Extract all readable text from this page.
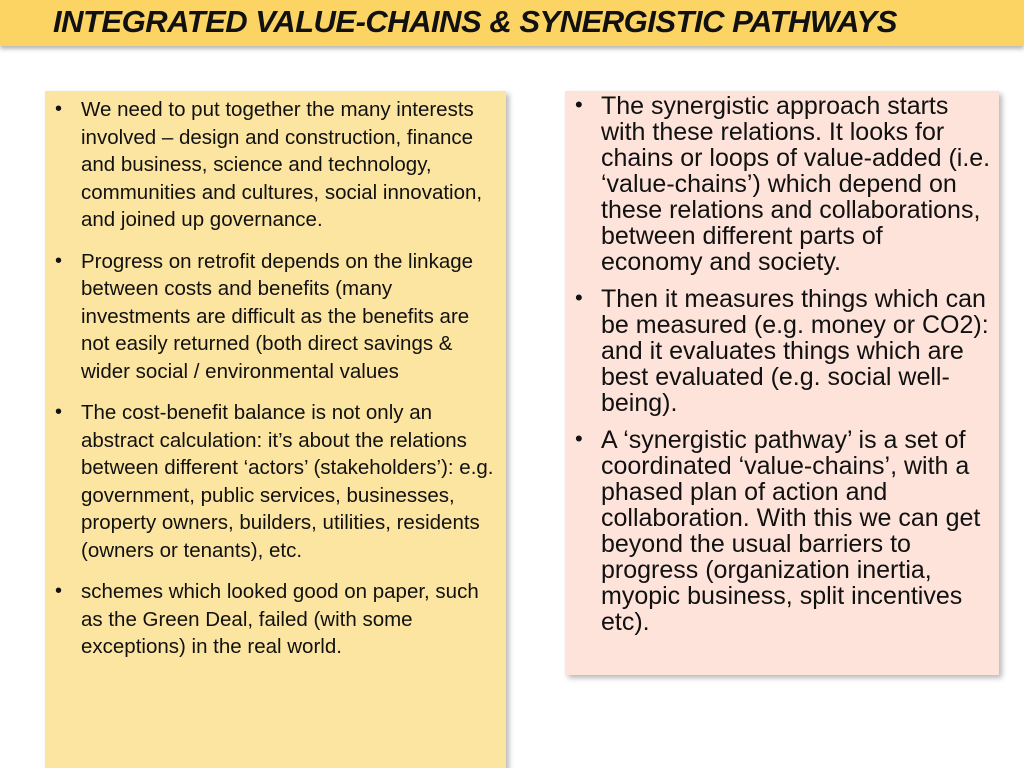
INTEGRATED VALUE-CHAINS & SYNERGISTIC PATHWAYS
• We need to put together the many interests involved – design and construction, finance and business, science and technology, communities and cultures, social innovation, and joined up governance.
• Progress on retrofit depends on the linkage between costs and benefits (many investments are difficult as the benefits are not easily returned (both direct savings & wider social / environmental values
• The cost-benefit balance is not only an abstract calculation: it’s about the relations between different ‘actors’ (stakeholders’): e.g. government, public services, businesses, property owners, builders, utilities, residents (owners or tenants), etc.
• schemes which looked good on paper, such as the Green Deal, failed (with some exceptions) in the real world.
• The synergistic approach starts with these relations. It looks for chains or loops of value-added (i.e. ‘value-chains’) which depend on these relations and collaborations, between different parts of economy and society.
• Then it measures things which can be measured (e.g. money or CO2): and it evaluates things which are best evaluated (e.g. social well-being).
• A ‘synergistic pathway’ is a set of coordinated ‘value-chains’, with a phased plan of action and collaboration. With this we can get beyond the usual barriers to progress (organization inertia, myopic business, split incentives etc).
